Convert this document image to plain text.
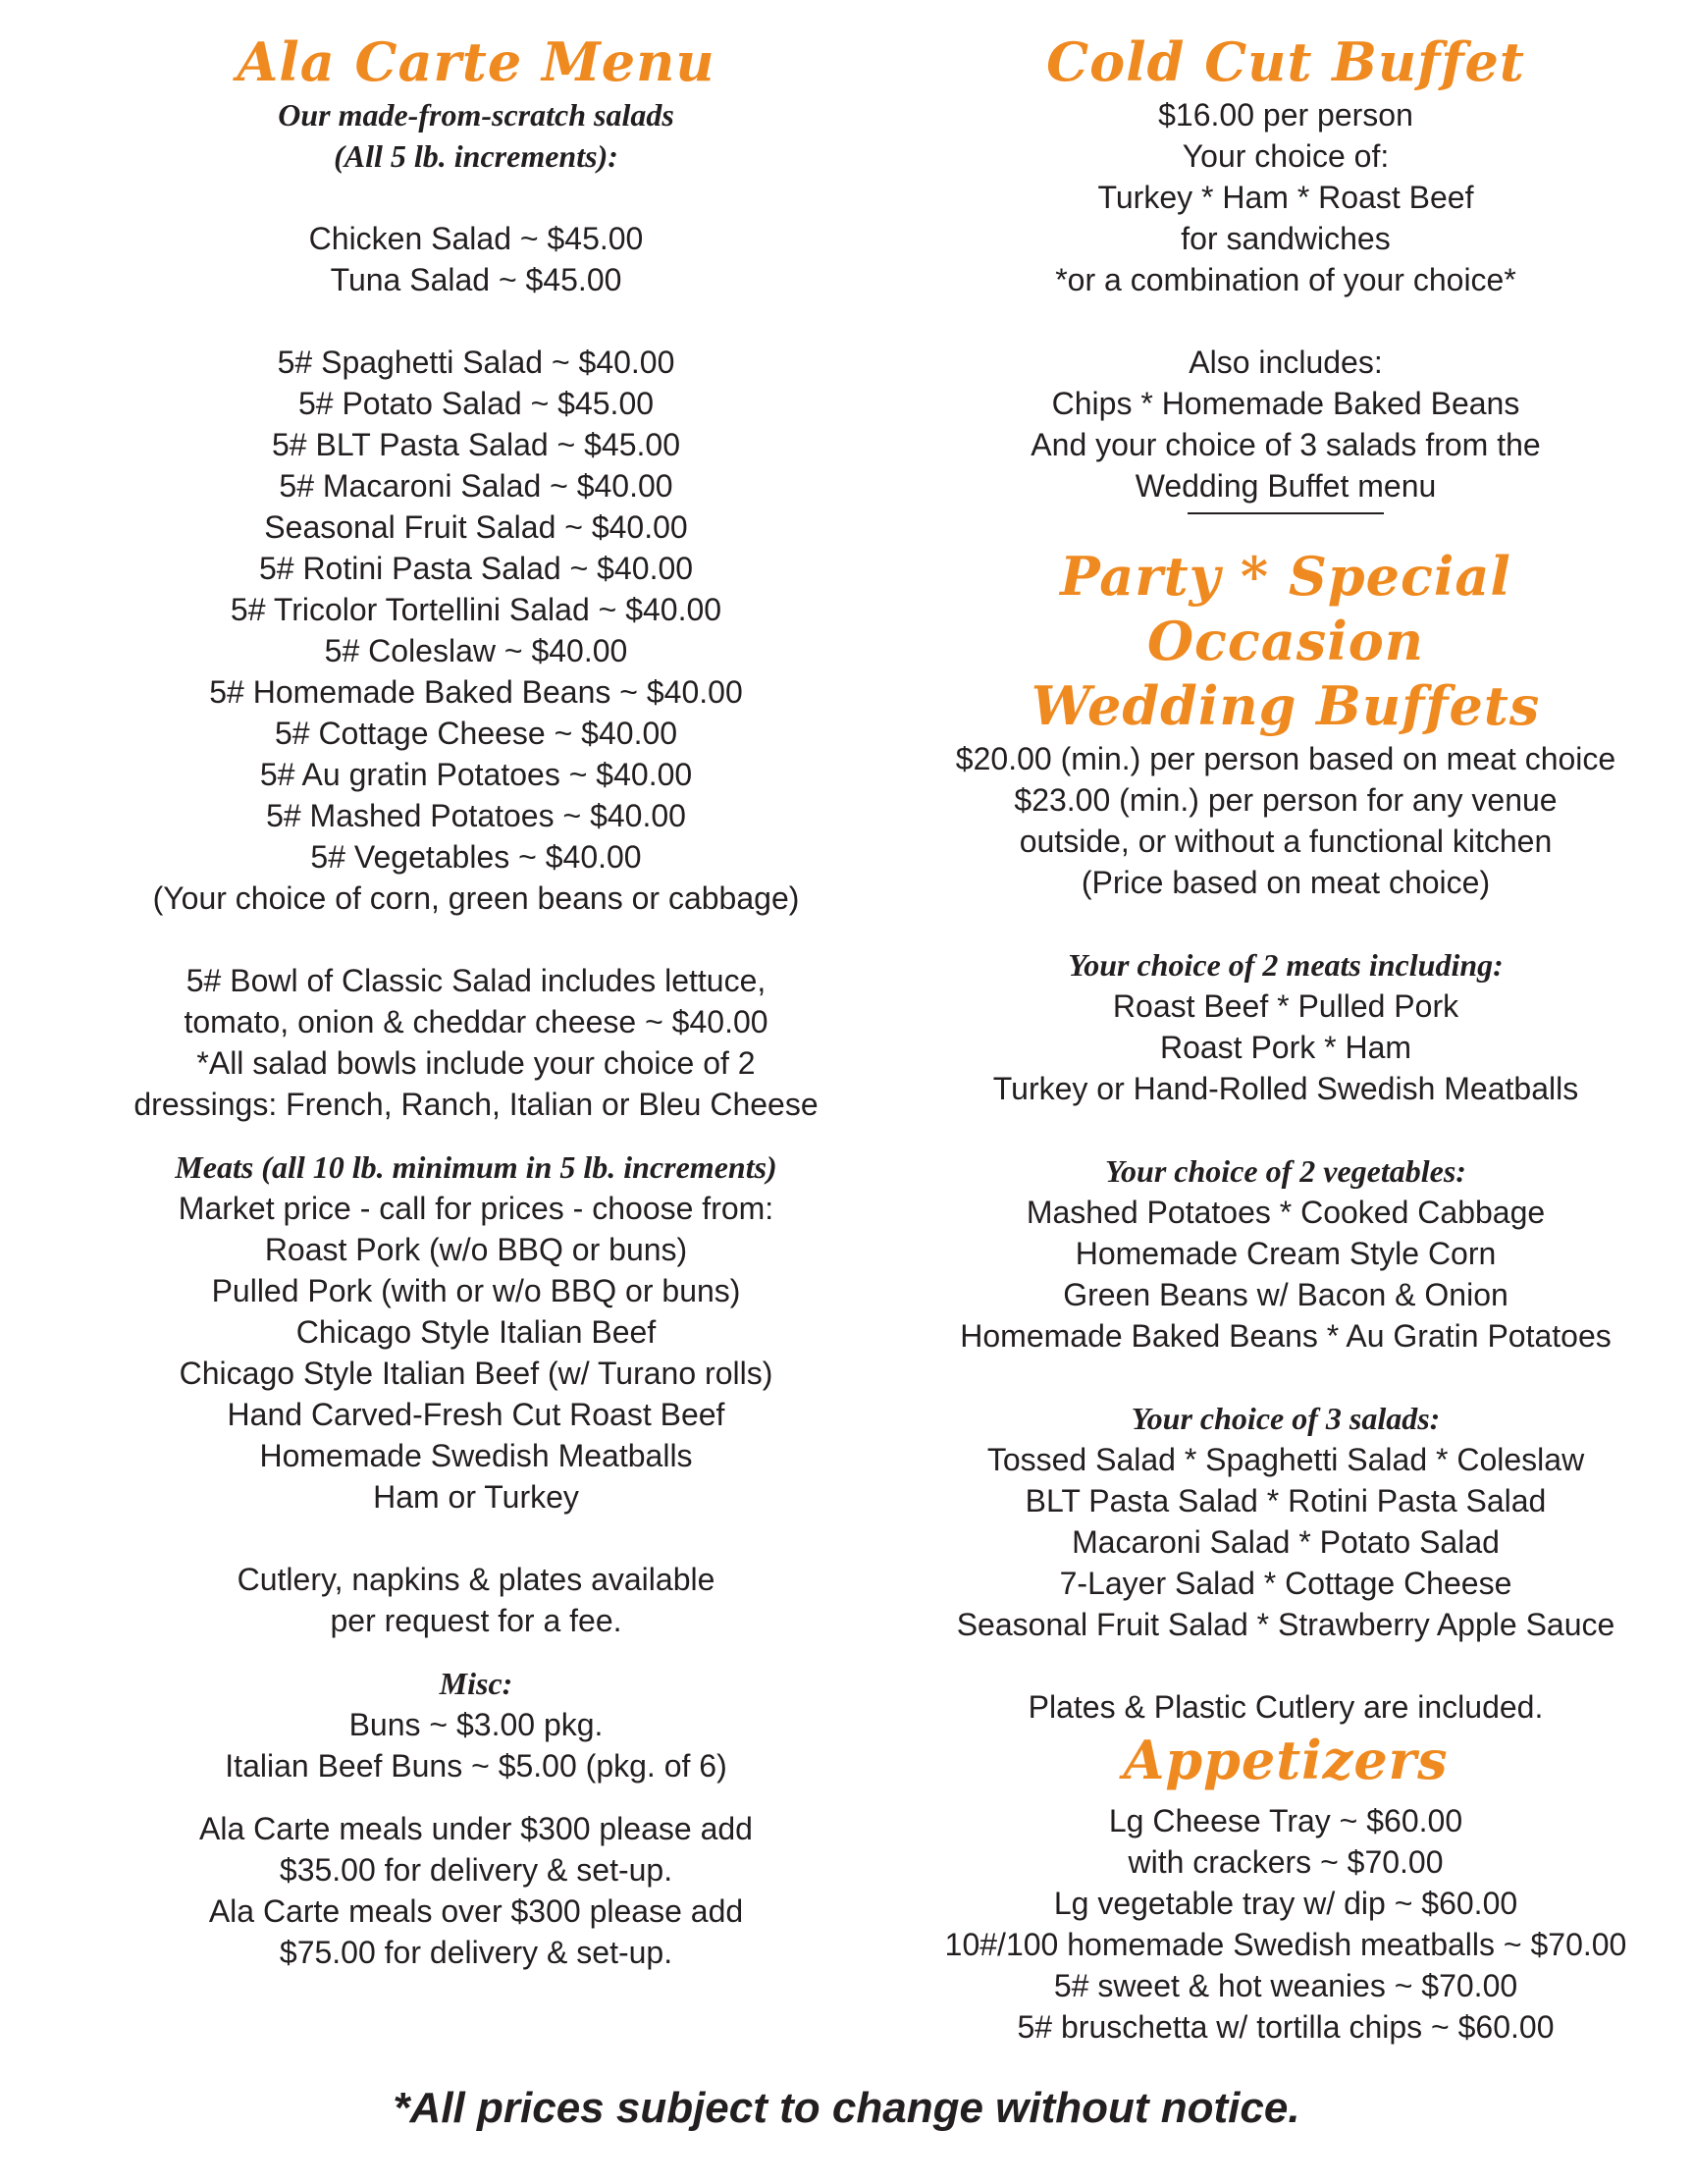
Ala Carte Menu
Our made-from-scratch salads
(All 5 lb. increments):
Chicken Salad ~ $45.00
Tuna Salad ~ $45.00
5# Spaghetti Salad ~ $40.00
5# Potato Salad ~ $45.00
5# BLT Pasta Salad ~ $45.00
5# Macaroni Salad ~ $40.00
Seasonal Fruit Salad ~ $40.00
5# Rotini Pasta Salad ~ $40.00
5# Tricolor Tortellini Salad ~ $40.00
5# Coleslaw ~ $40.00
5# Homemade Baked Beans ~ $40.00
5# Cottage Cheese ~ $40.00
5# Au gratin Potatoes ~ $40.00
5# Mashed Potatoes ~ $40.00
5# Vegetables ~ $40.00
(Your choice of corn, green beans or cabbage)
5# Bowl of Classic Salad includes lettuce,
tomato, onion & cheddar cheese ~ $40.00
*All salad bowls include your choice of 2
dressings: French, Ranch, Italian or Bleu Cheese
Meats (all 10 lb. minimum in 5 lb. increments)
Market price - call for prices - choose from:
Roast Pork (w/o BBQ or buns)
Pulled Pork (with or w/o BBQ or buns)
Chicago Style Italian Beef
Chicago Style Italian Beef (w/ Turano rolls)
Hand Carved-Fresh Cut Roast Beef
Homemade Swedish Meatballs
Ham or Turkey
Cutlery, napkins & plates available
per request for a fee.
Misc:
Buns ~ $3.00 pkg.
Italian Beef Buns ~ $5.00 (pkg. of 6)
Ala Carte meals under $300 please add
$35.00 for delivery & set-up.
Ala Carte meals over $300 please add
$75.00 for delivery & set-up.
Cold Cut Buffet
$16.00 per person
Your choice of:
Turkey * Ham * Roast Beef
for sandwiches
*or a combination of your choice*
Also includes:
Chips * Homemade Baked Beans
And your choice of 3 salads from the
Wedding Buffet menu
Party * Special Occasion
Wedding Buffets
$20.00 (min.) per person based on meat choice
$23.00 (min.) per person for any venue
outside, or without a functional kitchen
(Price based on meat choice)
Your choice of 2 meats including:
Roast Beef * Pulled Pork
Roast Pork * Ham
Turkey or Hand-Rolled Swedish Meatballs
Your choice of 2 vegetables:
Mashed Potatoes * Cooked Cabbage
Homemade Cream Style Corn
Green Beans w/ Bacon & Onion
Homemade Baked Beans * Au Gratin Potatoes
Your choice of 3 salads:
Tossed Salad * Spaghetti Salad * Coleslaw
BLT Pasta Salad * Rotini Pasta Salad
Macaroni Salad * Potato Salad
7-Layer Salad * Cottage Cheese
Seasonal Fruit Salad * Strawberry Apple Sauce
Plates & Plastic Cutlery are included.
Appetizers
Lg Cheese Tray ~ $60.00
with crackers ~ $70.00
Lg vegetable tray w/ dip ~ $60.00
10#/100 homemade Swedish meatballs ~ $70.00
5# sweet & hot weanies ~ $70.00
5# bruschetta w/ tortilla chips ~ $60.00
*All prices subject to change without notice.
